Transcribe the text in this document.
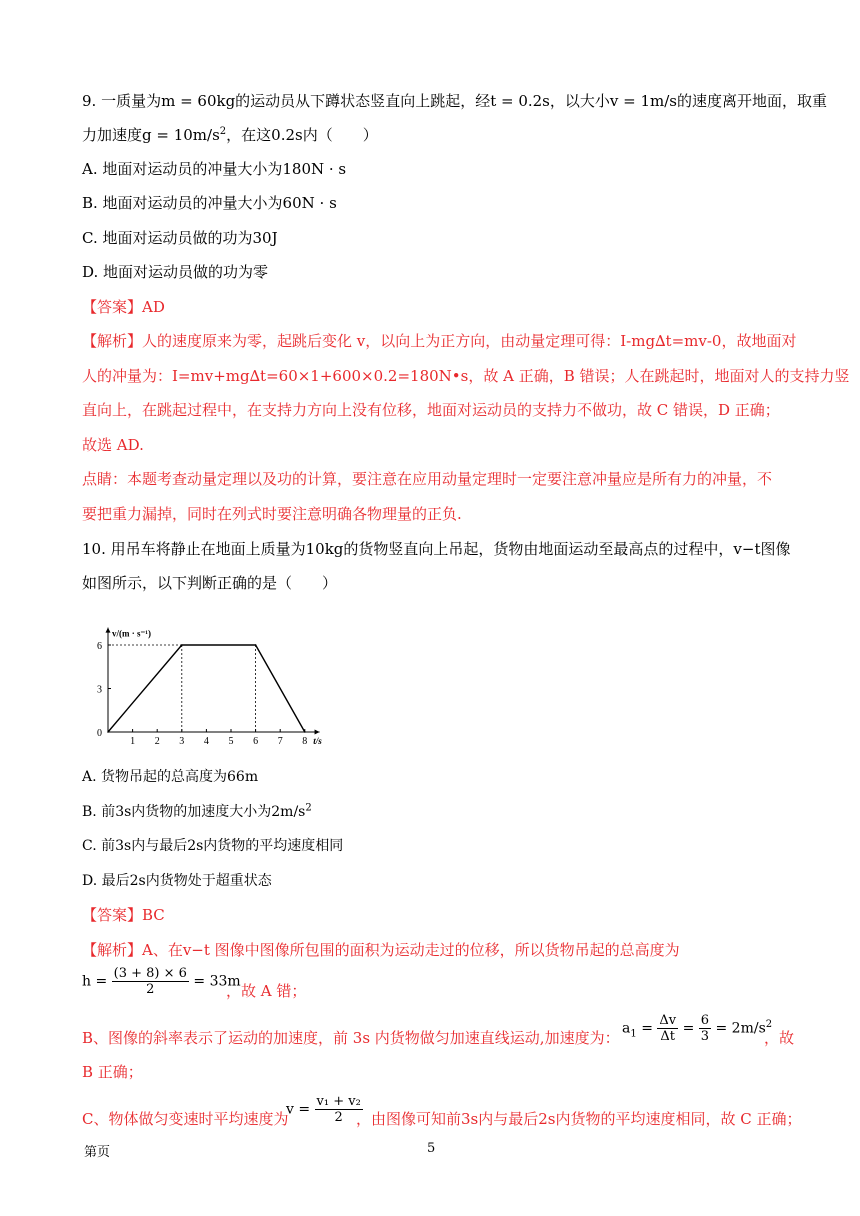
9. 一质量为m = 60kg的运动员从下蹲状态竖直向上跳起，经t = 0.2s，以大小v = 1m/s的速度离开地面，取重
力加速度$g = 10m/s^2$，在这0.2s内（　　）
A. 地面对运动员的冲量大小为180N · s
B. 地面对运动员的冲量大小为60N · s
C. 地面对运动员做的功为30J
D. 地面对运动员做的功为零
【答案】AD
【解析】人的速度原来为零，起跳后变化 v，以向上为正方向，由动量定理可得：I-mg∆t=mv-0，故地面对
人的冲量为：I=mv+mg∆t=60×1+600×0.2=180N•s，故 A 正确，B 错误；人在跳起时，地面对人的支持力竖
直向上，在跳起过程中，在支持力方向上没有位移，地面对运动员的支持力不做功，故 C 错误，D 正确；
故选 AD.
点睛：本题考查动量定理以及功的计算，要注意在应用动量定理时一定要注意冲量应是所有力的冲量，不
要把重力漏掉，同时在列式时要注意明确各物理量的正负.
10. 用吊车将静止在地面上质量为10kg的货物竖直向上吊起，货物由地面运动至最高点的过程中，v−t图像
如图所示，以下判断正确的是（　　）
0
3
6
1 2 3 4 5 6 7 8
v/(m · s⁻¹)
t/s
A. 货物吊起的总高度为66m
B. 前3s内货物的加速度大小为$2m/s^2$
C. 前3s内与最后2s内货物的平均速度相同
D. 最后2s内货物处于超重状态
【答案】BC
【解析】A、在v−t 图像中图像所包围的面积为运动走过的位移，所以货物吊起的总高度为
$h = \frac{(3 + 8) \times 6}{2} = 33m$
，故 A 错；
B、图像的斜率表示了运动的加速度，前 3s 内货物做匀加速直线运动,加速度为：
$a_1 = \frac{\Delta v}{\Delta t} = \frac{6}{3} = 2m/s^2$
，故
B 正确；
C、物体做匀变速时平均速度为
$v = \frac{\text{v₁ + v₂}}{2}$
，由图像可知前3s内与最后2s内货物的平均速度相同，故 C 正确；
第页	5
